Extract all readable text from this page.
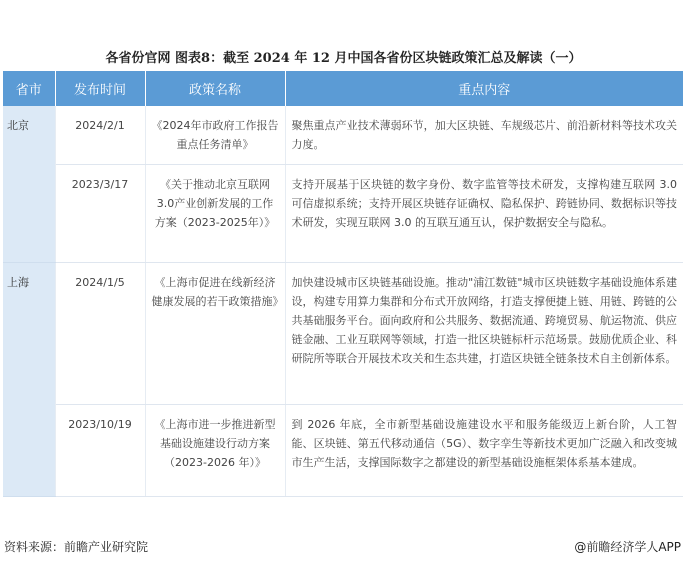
各省份官网 图表8：截至 2024 年 12 月中国各省份区块链政策汇总及解读（一）
省市	发布时间	政策名称	重点内容
北京	2024/2/1	《2024年市政府工作报告重点任务清单》	聚焦重点产业技术薄弱环节，加大区块链、车规级芯片、前沿新材料等技术攻关力度。
	2023/3/17	《关于推动北京互联网3.0产业创新发展的工作方案（2023-2025年）》	支持开展基于区块链的数字身份、数字监管等技术研发，支撑构建互联网 3.0 可信虚拟系统；支持开展区块链存证确权、隐私保护、跨链协同、数据标识等技术研发，实现互联网 3.0 的互联互通互认，保护数据安全与隐私。
上海	2024/1/5	《上海市促进在线新经济健康发展的若干政策措施》	加快建设城市区块链基础设施。推动"浦江数链"城市区块链数字基础设施体系建设，构建专用算力集群和分布式开放网络，打造支撑便捷上链、用链、跨链的公共基础服务平台。面向政府和公共服务、数据流通、跨境贸易、航运物流、供应链金融、工业互联网等领域，打造一批区块链标杆示范场景。鼓励优质企业、科研院所等联合开展技术攻关和生态共建，打造区块链全链条技术自主创新体系。
	2023/10/19	《上海市进一步推进新型基础设施建设行动方案（2023-2026 年）》	到 2026 年底，全市新型基础设施建设水平和服务能级迈上新台阶，人工智能、区块链、第五代移动通信（5G）、数字孪生等新技术更加广泛融入和改变城市生产生活，支撑国际数字之都建设的新型基础设施框架体系基本建成。
资料来源：前瞻产业研究院	@前瞻经济学人APP
